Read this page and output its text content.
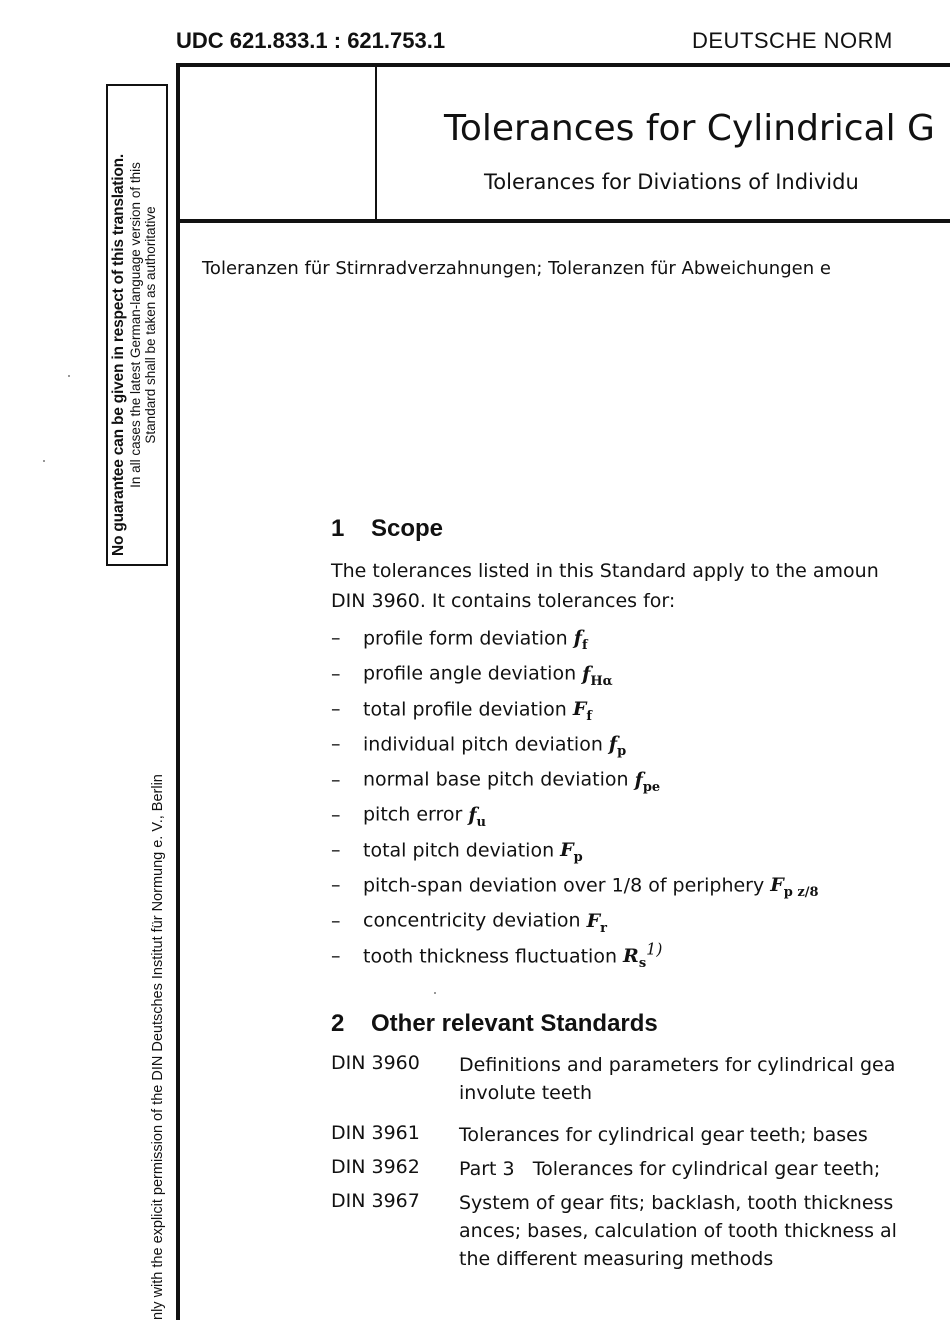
UDC 621.833.1 : 621.753.1	DEUTSCHE NORM
Tolerances for Cylindrical G
Tolerances for Diviations of Individu
Toleranzen für Stirnradverzahnungen; Toleranzen für Abweichungen e
No guarantee can be given in respect of this translation. In all cases the latest German-language version of this Standard shall be taken as authoritative
nly with the explicit permission of the DIN Deutsches Institut für Normung e. V., Berlin
1 Scope
The tolerances listed in this Standard apply to the amoun
DIN 3960. It contains tolerances for:
– profile form deviation $f_f$
– profile angle deviation $f_{H\alpha}$
– total profile deviation $F_f$
– individual pitch deviation $f_p$
– normal base pitch deviation $f_{pe}$
– pitch error $f_u$
– total pitch deviation $F_p$
– pitch-span deviation over 1/8 of periphery $F_{p z/8}$
– concentricity deviation $F_r$
– tooth thickness fluctuation $R_s^{1)}$
2 Other relevant Standards
DIN 3960 Definitions and parameters for cylindrical gea
involute teeth
DIN 3961 Tolerances for cylindrical gear teeth; bases
DIN 3962 Part 3   Tolerances for cylindrical gear teeth;
DIN 3967 System of gear fits; backlash, tooth thickness
ances; bases, calculation of tooth thickness al
the different measuring methods
